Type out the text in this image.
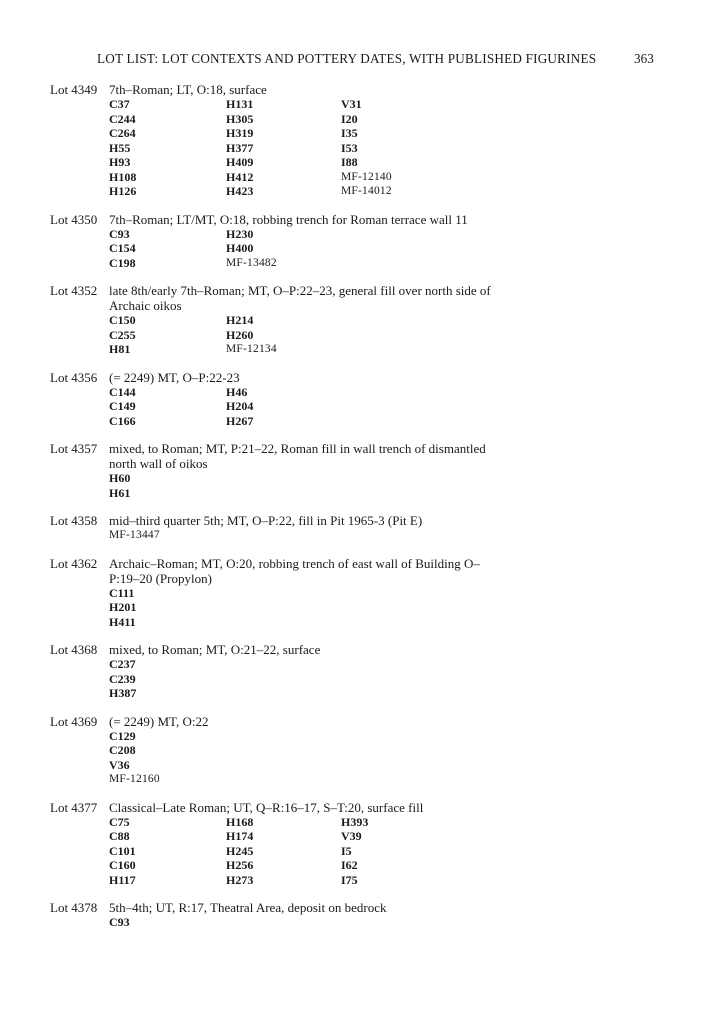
LOT LIST: LOT CONTEXTS AND POTTERY DATES, WITH PUBLISHED FIGURINES	363
Lot 4349 7th–Roman; LT, O:18, surface
C37	H131	V31
C244	H305	I20
C264	H319	I35
H55	H377	I53
H93	H409	I88
H108	H412	MF-12140
H126	H423	MF-14012
Lot 4350 7th–Roman; LT/MT, O:18, robbing trench for Roman terrace wall 11
C93	H230
C154	H400
C198	MF-13482
Lot 4352 late 8th/early 7th–Roman; MT, O–P:22–23, general fill over north side of Archaic oikos
C150	H214
C255	H260
H81	MF-12134
Lot 4356 (= 2249) MT, O–P:22-23
C144	H46
C149	H204
C166	H267
Lot 4357 mixed, to Roman; MT, P:21–22, Roman fill in wall trench of dismantled north wall of oikos
H60
H61
Lot 4358 mid–third quarter 5th; MT, O–P:22, fill in Pit 1965-3 (Pit E)
MF-13447
Lot 4362 Archaic–Roman; MT, O:20, robbing trench of east wall of Building O–P:19–20 (Propylon)
C111
H201
H411
Lot 4368 mixed, to Roman; MT, O:21–22, surface
C237
C239
H387
Lot 4369 (= 2249) MT, O:22
C129
C208
V36
MF-12160
Lot 4377 Classical–Late Roman; UT, Q–R:16–17, S–T:20, surface fill
C75	H168	H393
C88	H174	V39
C101	H245	I5
C160	H256	I62
H117	H273	I75
Lot 4378 5th–4th; UT, R:17, Theatral Area, deposit on bedrock
C93
